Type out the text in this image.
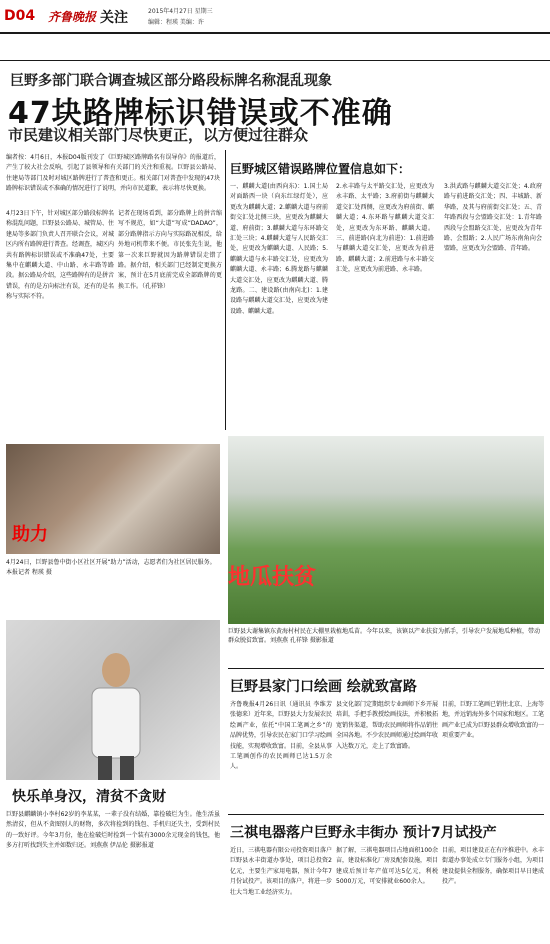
D04 齐鲁晚报 关注	2015年4月27日 星期三
编辑：程瑛 美编：许
巨野多部门联合调查城区部分路段标牌名称混乱现象
47块路牌标识错误或不准确
市民建议相关部门尽快更正，以方便过往群众
编者按：4月6日，本报D04版刊发了《巨野城区路牌路名有误导你》的报道后，产生了较大社会反响，引起了县领导和有关部门的关注和重视。巨野县公路局、住建局等部门及时对城区路牌进行了普查和更正。相关部门对普查中发现的47块路牌标识错误或不准确的情况进行了说明，并向市民道歉，表示将尽快更换。
4月23日下午，针对城区部分路段标牌名称混乱问题，巨野县公路局、城管局、住建局等多部门负责人召开联合会议，对城区内所有路牌进行普查。经调查，城区内共有路牌标识错误或不准确47处，主要集中在麒麟大道、中山路、永丰路等路段。据公路局介绍，这些路牌有的是拼音错误，有的是方向标注有误，还有的是名称与实际不符。
记者在现场看到，部分路牌上的拼音缩写不规范，如“大道”写成“DADAO”，部分路牌指示方向与实际路况相反，给外地司机带来不便。市民张先生说，他第一次来巨野就因为路牌错误走错了路。据介绍，相关部门已经制定更换方案，预计在5月底前完成全部路牌的更换工作。（孔祥锋）
巨野城区错误路牌位置信息如下：
一、麒麟大道(由西向东)：1.国土局对面路西一块（向东红绿灯处），应更改为麒麟大道；2.麒麟大道与府前街交汇处北侧三块，应更改为麒麟大道、府前街；3.麒麟大道与东环路交汇处三块；4.麒麟大道与人民路交汇处，应更改为麒麟大道、人民路；5.麒麟大道与永丰路交汇处，应更改为麒麟大道、永丰路；6.腾龙路与麒麟大道交汇处，应更改为麒麟大道、腾龙路。二、建设路(由南向北)：1.建设路与麒麟大道交汇处，应更改为建设路、麒麟大道。
2.永丰路与太平路交汇处，应更改为永丰路、太平路；3.府前街与麒麟大道交汇处西侧，应更改为府前街、麒麟大道；4.东环路与麒麟大道交汇处，应更改为东环路、麒麟大道。三、前进路(向北为前进)：1.前进路与麒麟大道交汇处，应更改为前进路、麒麟大道；2.前进路与永丰路交汇处，应更改为前进路、永丰路。
3.洪武路与麒麟大道交汇处；4.政府路与前进路交汇处；四、丰城路、新华路，及其与府前街交汇处；五、青年路西段与会盟路交汇处：1.青年路西段与会盟路交汇处，应更改为青年路、会盟路；2.人民广场东南角向会盟路，应更改为会盟路、青年路。
助力
4月24日，巨野县鲁中街小区社区开展“助力”活动，志愿者们为社区居民服务。本报记者 程瑛 摄	地瓜扶贫
巨野县大谢集镇东黄海村村民在大棚里栽植地瓜苗。今年以来，该镇以产业扶贫为抓手，引导农户发展地瓜种植，带动群众脱贫致富。刘燕燕 孔祥锋 摄影报道
快乐单身汉，清贫不贪财
巨野县麒麟镇小李村62岁的李某某，一辈子没有结婚，靠捡破烂为生。他生活虽然清贫，但从不贪图别人的财物，多次将捡到的钱包、手机归还失主，受到村民的一致好评。今年3月份，他在捡破烂时捡到一个装有3000余元现金的钱包，他多方打听找到失主并如数归还。刘燕燕 伊品伦 摄影报道
巨野县家门口绘画 绘就致富路
齐鲁晚报4月26日讯（通讯员 李维芳 张德来）近年来，巨野县大力发展农民绘画产业，依托“中国工笔画之乡”的品牌优势，引导农民在家门口学习绘画技能，实现增收致富。目前，全县从事工笔画创作的农民画师已达1.5万余人。
县文化部门定期组织专业画师下乡开展培训，手把手教授绘画技法，并积极拓宽销售渠道，帮助农民画师将作品销往全国各地。不少农民画师通过绘画年收入达数万元，走上了致富路。
目前，巨野工笔画已销往北京、上海等地，并远销海外多个国家和地区。工笔画产业已成为巨野县群众增收致富的一项重要产业。
三祺电器落户巨野永丰街办 预计7月试投产
近日，三祺电器有限公司投资项目落户巨野县永丰街道办事处，项目总投资2亿元，主要生产家用电器，预计今年7月份试投产。该项目的落户，将进一步壮大当地工业经济实力。
据了解，三祺电器项目占地面积100余亩，建设标准化厂房及配套设施，项目建成后预计年产值可达5亿元，利税5000万元，可安排就业600余人。
目前，项目建设正在有序推进中。永丰街道办事处成立专门服务小组，为项目建设提供全程服务，确保项目早日建成投产。
